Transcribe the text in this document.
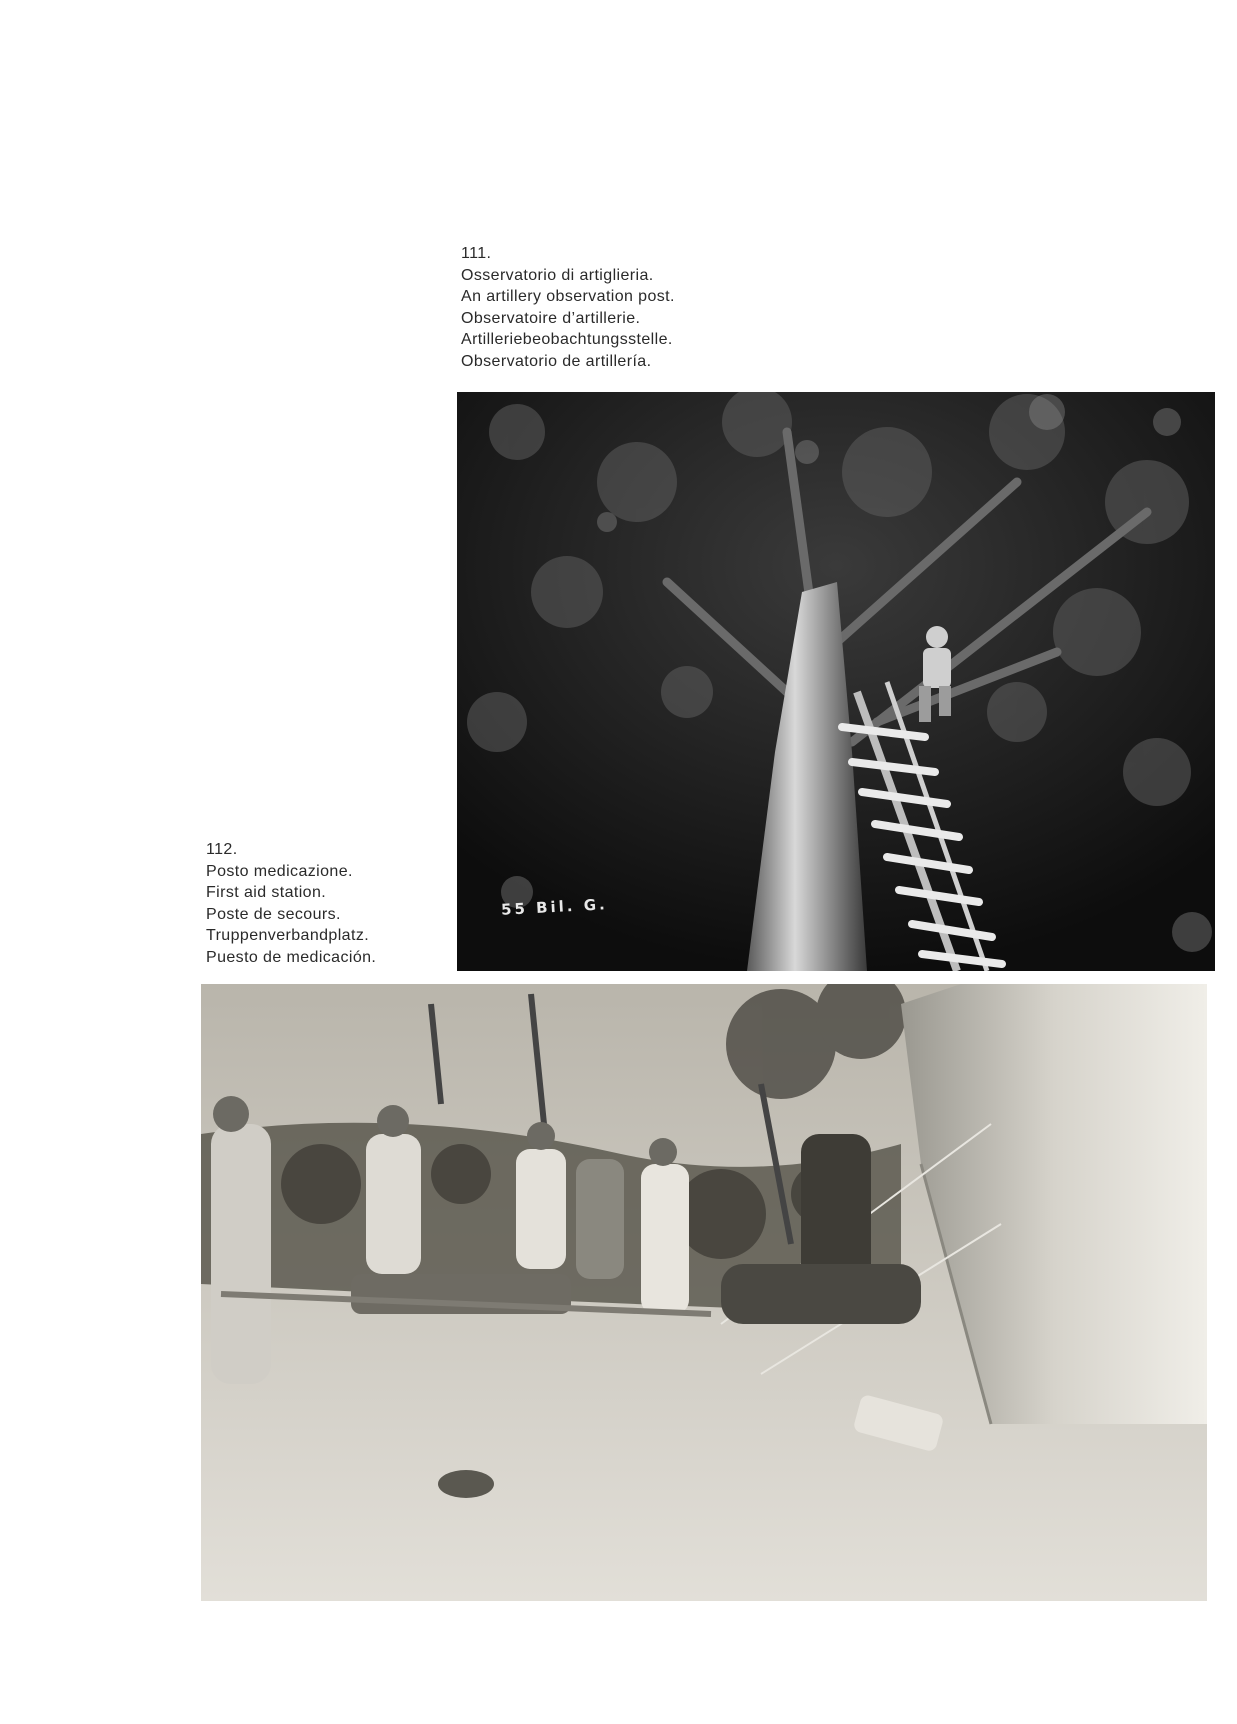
111.
Osservatorio di artiglieria.
An artillery observation post.
Observatoire d’artillerie.
Artilleriebeobachtungsstelle.
Observatorio de artillería.
55 Bil. G.
112.
Posto medicazione.
First aid station.
Poste de secours.
Truppenverbandplatz.
Puesto de medicación.
